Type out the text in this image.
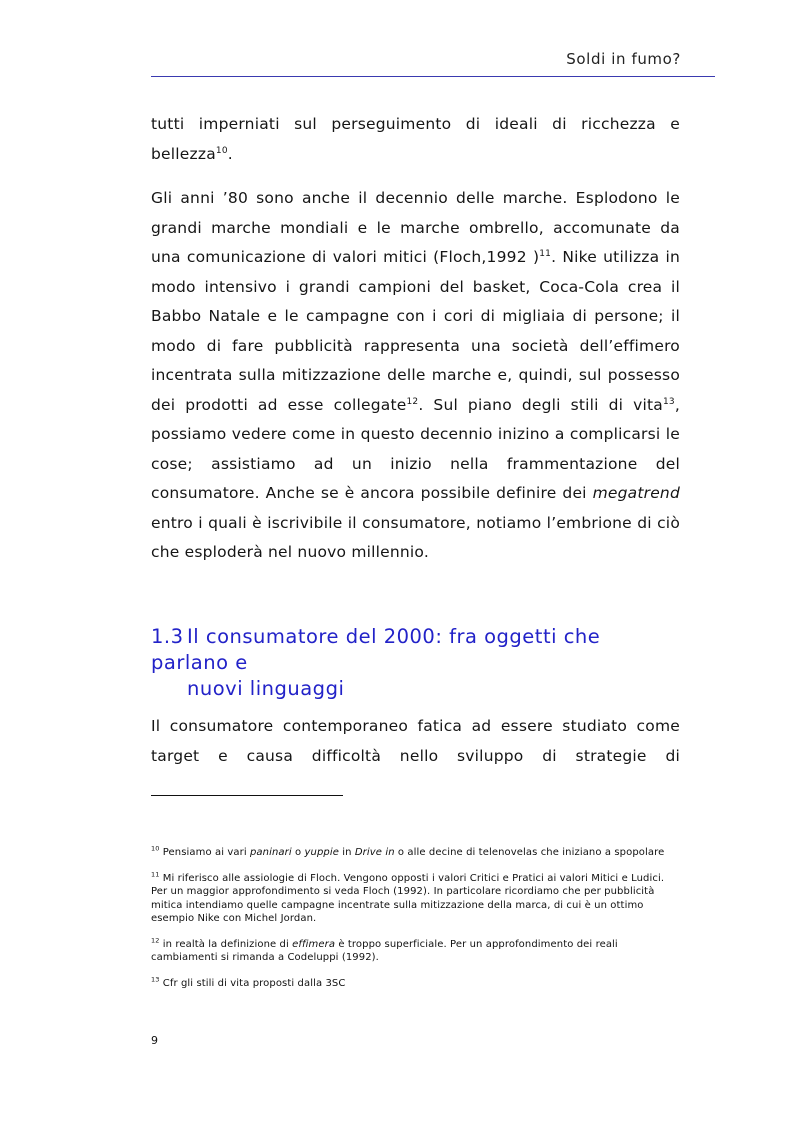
Soldi in fumo?

tutti imperniati sul perseguimento di ideali di ricchezza e bellezza$^{10}$.

Gli anni ’80 sono anche il decennio delle marche. Esplodono le grandi marche mondiali e le marche ombrello, accomunate da una comunicazione di valori mitici (Floch,1992 )$^{11}$. Nike utilizza in modo intensivo i grandi campioni del basket, Coca-Cola crea il Babbo Natale e le campagne con i cori di migliaia di persone; il modo di fare pubblicità rappresenta una società dell’effimero incentrata sulla mitizzazione delle marche e, quindi, sul possesso dei prodotti ad esse collegate$^{12}$. Sul piano degli stili di vita$^{13}$, possiamo vedere come in questo decennio inizino a complicarsi le cose; assistiamo ad un inizio nella frammentazione del consumatore. Anche se è ancora possibile definire dei megatrend entro i quali è iscrivibile il consumatore, notiamo l’embrione di ciò che esploderà nel nuovo millennio.

1.3 Il consumatore del 2000: fra oggetti che parlano e
nuovi linguaggi

Il consumatore contemporaneo fatica ad essere studiato come target e causa difficoltà nello sviluppo di strategie di

$^{10}$ Pensiamo ai vari paninari o yuppie in Drive in o alle decine di telenovelas che iniziano a spopolare

$^{11}$ Mi riferisco alle assiologie di Floch. Vengono opposti i valori Critici e Pratici ai valori Mitici e Ludici. Per un maggior approfondimento si veda Floch (1992). In particolare ricordiamo che per pubblicità mitica intendiamo quelle campagne incentrate sulla mitizzazione della marca, di cui è un ottimo esempio Nike con Michel Jordan.

$^{12}$ in realtà la definizione di effimera è troppo superficiale. Per un approfondimento dei reali cambiamenti si rimanda a Codeluppi (1992).

$^{13}$ Cfr gli stili di vita proposti dalla 3SC

9
